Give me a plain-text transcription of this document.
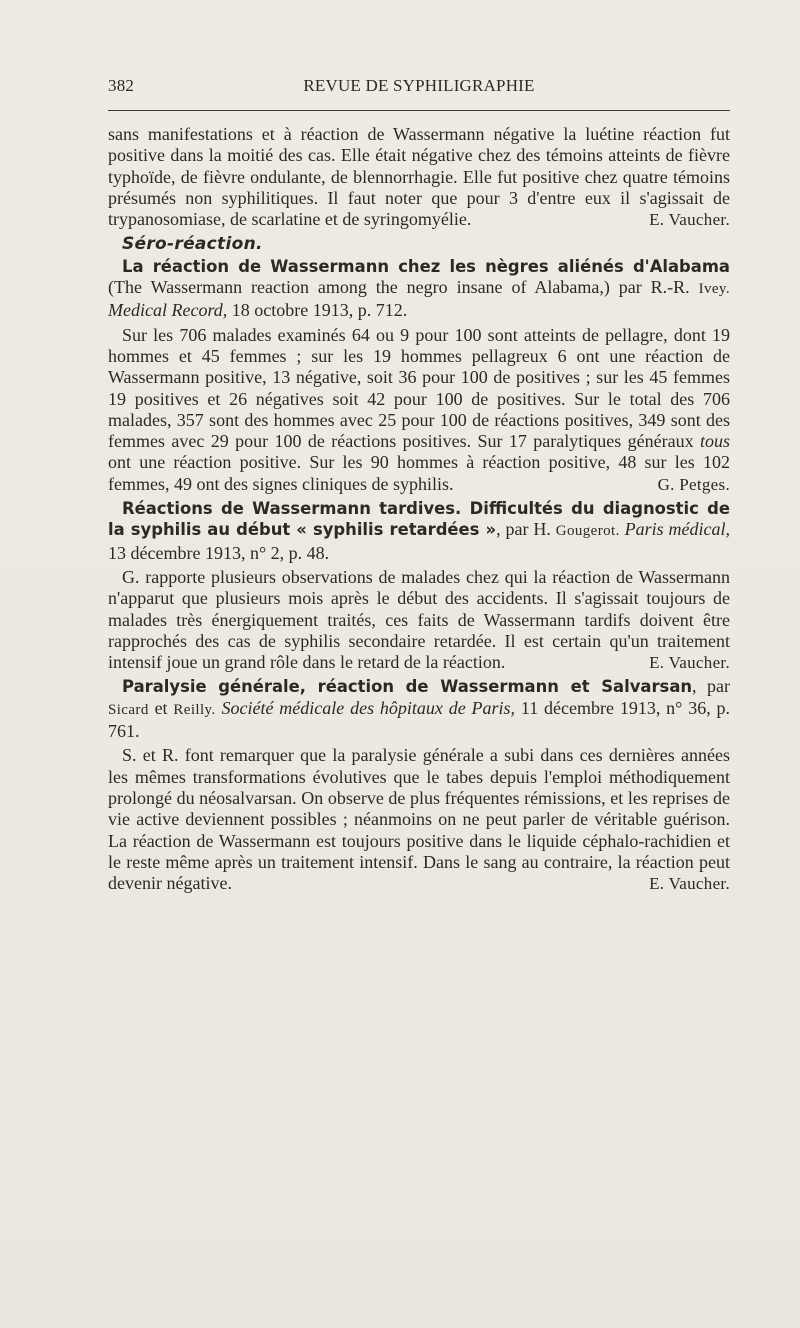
382	REVUE DE SYPHILIGRAPHIE

sans manifestations et à réaction de Wassermann négative la luétine réaction fut positive dans la moitié des cas. Elle était négative chez des témoins atteints de fièvre typhoïde, de fièvre ondulante, de blennorrhagie. Elle fut positive chez quatre témoins présumés non syphilitiques. Il faut noter que pour 3 d'entre eux il s'agissait de trypanosomiase, de scarlatine et de syringomyélie.	E. Vaucher.

Séro-réaction.

La réaction de Wassermann chez les nègres aliénés d'Alabama (The Wassermann reaction among the negro insane of Alabama,) par R.-R. Ivey. Medical Record, 18 octobre 1913, p. 712.

Sur les 706 malades examinés 64 ou 9 pour 100 sont atteints de pellagre, dont 19 hommes et 45 femmes ; sur les 19 hommes pellagreux 6 ont une réaction de Wassermann positive, 13 négative, soit 36 pour 100 de positives ; sur les 45 femmes 19 positives et 26 négatives soit 42 pour 100 de positives. Sur le total des 706 malades, 357 sont des hommes avec 25 pour 100 de réactions positives, 349 sont des femmes avec 29 pour 100 de réactions positives. Sur 17 paralytiques généraux tous ont une réaction positive. Sur les 90 hommes à réaction positive, 48 sur les 102 femmes, 49 ont des signes cliniques de syphilis.	G. Petges.

Réactions de Wassermann tardives. Difficultés du diagnostic de la syphilis au début « syphilis retardées », par H. Gougerot. Paris médical, 13 décembre 1913, n° 2, p. 48.

G. rapporte plusieurs observations de malades chez qui la réaction de Wassermann n'apparut que plusieurs mois après le début des accidents. Il s'agissait toujours de malades très énergiquement traités, ces faits de Wassermann tardifs doivent être rapprochés des cas de syphilis secondaire retardée. Il est certain qu'un traitement intensif joue un grand rôle dans le retard de la réaction.	E. Vaucher.

Paralysie générale, réaction de Wassermann et Salvarsan, par Sicard et Reilly. Société médicale des hôpitaux de Paris, 11 décembre 1913, n° 36, p. 761.

S. et R. font remarquer que la paralysie générale a subi dans ces dernières années les mêmes transformations évolutives que le tabes depuis l'emploi méthodiquement prolongé du néosalvarsan. On observe de plus fréquentes rémissions, et les reprises de vie active deviennent possibles ; néanmoins on ne peut parler de véritable guérison. La réaction de Wassermann est toujours positive dans le liquide céphalo-rachidien et le reste même après un traitement intensif. Dans le sang au contraire, la réaction peut devenir négative.	E. Vaucher.
